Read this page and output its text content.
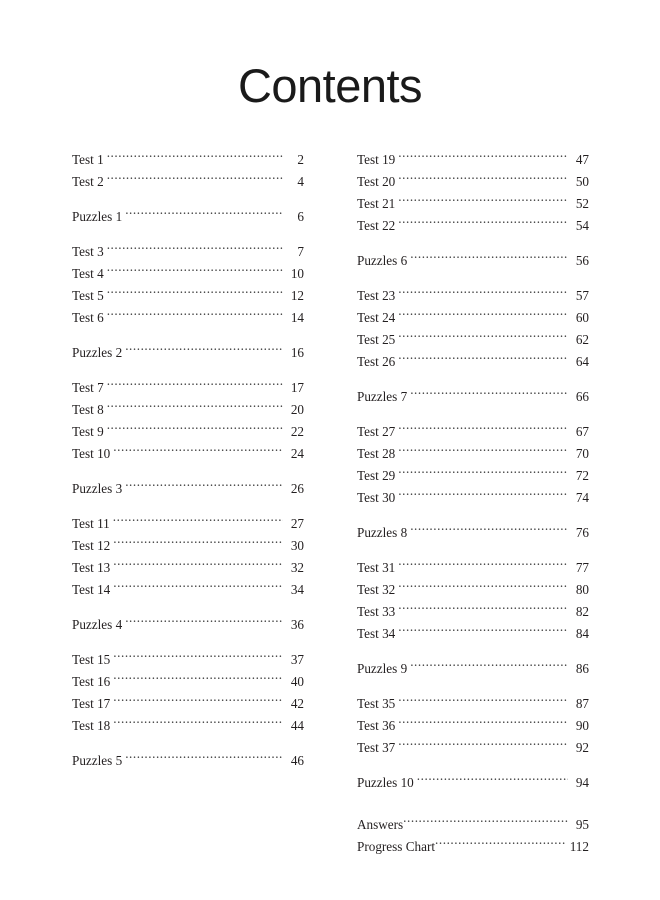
Contents
Test 1 .....	2
Test 2 .....	4
Puzzles 1 .....	6
Test 3 .....	7
Test 4 .....	10
Test 5 .....	12
Test 6 .....	14
Puzzles 2 .....	16
Test 7 .....	17
Test 8 .....	20
Test 9 .....	22
Test 10 .....	24
Puzzles 3 .....	26
Test 11 .....	27
Test 12 .....	30
Test 13 .....	32
Test 14 .....	34
Puzzles 4 .....	36
Test 15 .....	37
Test 16 .....	40
Test 17 .....	42
Test 18 .....	44
Puzzles 5 .....	46
Test 19 .....	47
Test 20 .....	50
Test 21 .....	52
Test 22 .....	54
Puzzles 6 .....	56
Test 23 .....	57
Test 24 .....	60
Test 25 .....	62
Test 26 .....	64
Puzzles 7 .....	66
Test 27 .....	67
Test 28 .....	70
Test 29 .....	72
Test 30 .....	74
Puzzles 8 .....	76
Test 31 .....	77
Test 32 .....	80
Test 33 .....	82
Test 34 .....	84
Puzzles 9 .....	86
Test 35 .....	87
Test 36 .....	90
Test 37 .....	92
Puzzles 10 .....	94
Answers .....	95
Progress Chart .....	112
